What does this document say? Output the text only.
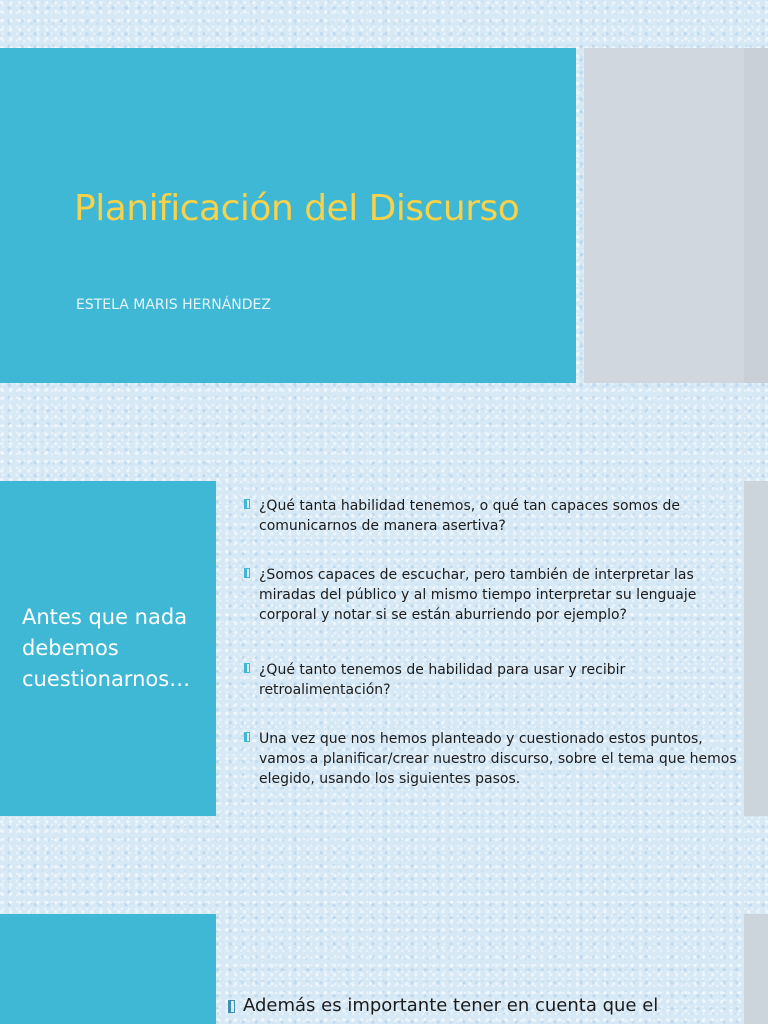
Planificación del Discurso

ESTELA MARIS HERNÁNDEZ

Antes que nada debemos cuestionarnos…
¿Qué tanta habilidad tenemos, o qué tan capaces somos de comunicarnos de manera asertiva?
¿Somos capaces de escuchar, pero también de interpretar las miradas del público y al mismo tiempo interpretar su lenguaje corporal y notar si se están aburriendo por ejemplo?
¿Qué tanto tenemos de habilidad para usar y recibir retroalimentación?
Una vez que nos hemos planteado y cuestionado estos puntos, vamos a planificar/crear nuestro discurso, sobre el tema que hemos elegido, usando los siguientes pasos.

Además es importante tener en cuenta que el
